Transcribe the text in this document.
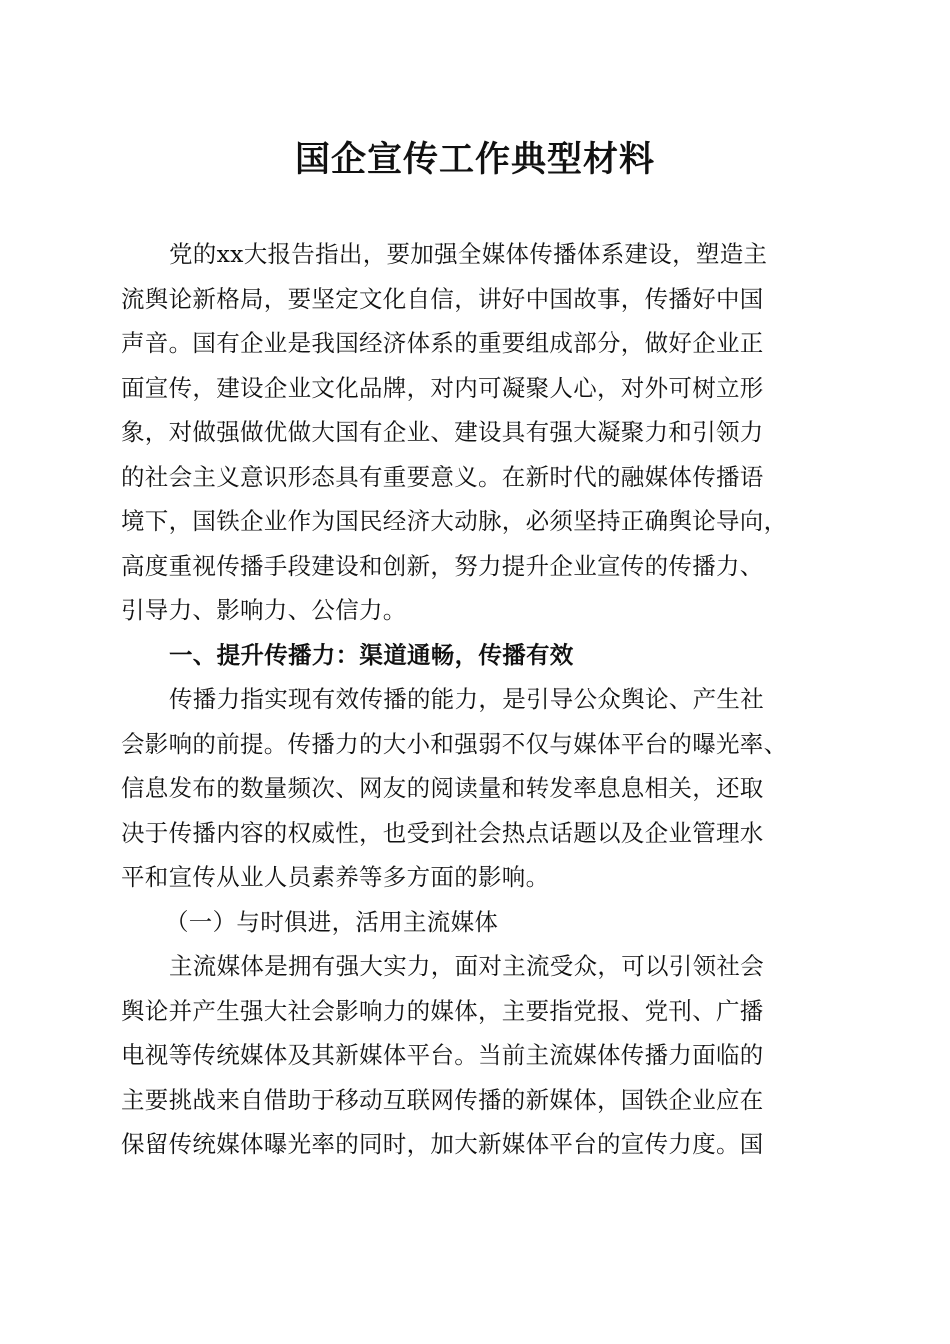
国企宣传工作典型材料
党的xx大报告指出，要加强全媒体传播体系建设，塑造主
流舆论新格局，要坚定文化自信，讲好中国故事，传播好中国
声音。国有企业是我国经济体系的重要组成部分，做好企业正
面宣传，建设企业文化品牌，对内可凝聚人心，对外可树立形
象，对做强做优做大国有企业、建设具有强大凝聚力和引领力
的社会主义意识形态具有重要意义。在新时代的融媒体传播语
境下，国铁企业作为国民经济大动脉，必须坚持正确舆论导向，
高度重视传播手段建设和创新，努力提升企业宣传的传播力、
引导力、影响力、公信力。
一、提升传播力：渠道通畅，传播有效
传播力指实现有效传播的能力，是引导公众舆论、产生社
会影响的前提。传播力的大小和强弱不仅与媒体平台的曝光率、
信息发布的数量频次、网友的阅读量和转发率息息相关，还取
决于传播内容的权威性，也受到社会热点话题以及企业管理水
平和宣传从业人员素养等多方面的影响。
（一）与时俱进，活用主流媒体
主流媒体是拥有强大实力，面对主流受众，可以引领社会
舆论并产生强大社会影响力的媒体，主要指党报、党刊、广播
电视等传统媒体及其新媒体平台。当前主流媒体传播力面临的
主要挑战来自借助于移动互联网传播的新媒体，国铁企业应在
保留传统媒体曝光率的同时，加大新媒体平台的宣传力度。国
